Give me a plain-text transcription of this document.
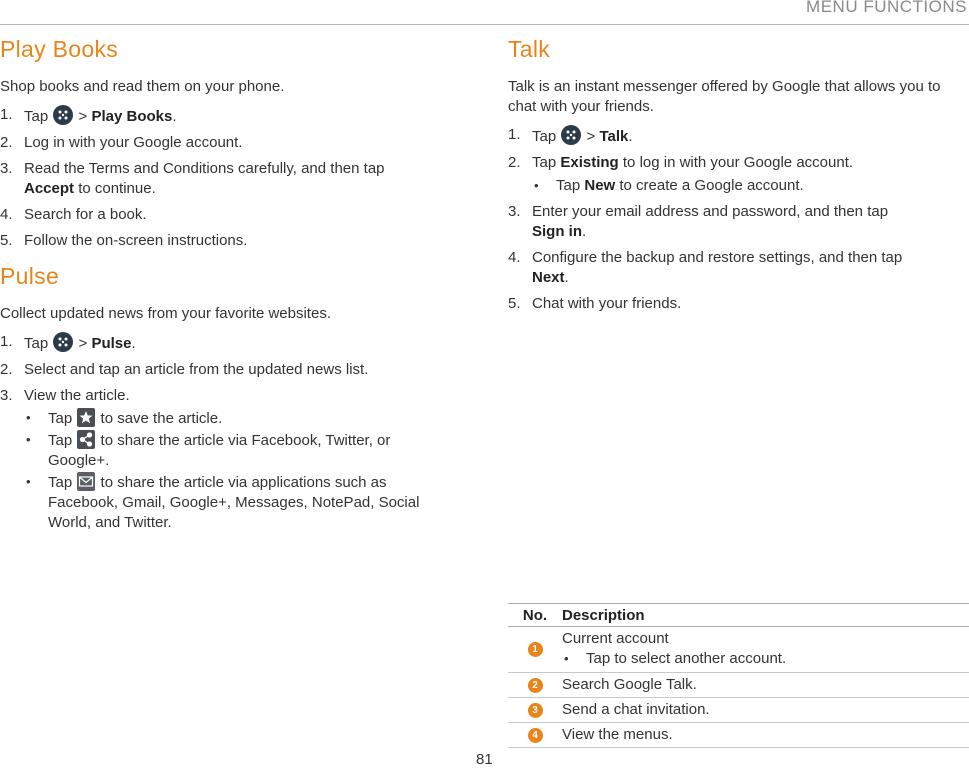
MENU FUNCTIONS
Play Books

Shop books and read them on your phone.

1. Tap > Play Books.
2. Log in with your Google account.
3. Read the Terms and Conditions carefully, and then tap
Accept to continue.
4. Search for a book.
5. Follow the on-screen instructions.
Pulse

Collect updated news from your favorite websites.

1. Tap > Pulse.
2. Select and tap an article from the updated news list.
3. View the article.
• Tap to save the article.
• Tap to share the article via Facebook, Twitter, or Google+.
• Tap to share the article via applications such as Facebook, Gmail, Google+, Messages, NotePad, Social World, and Twitter.
Talk

Talk is an instant messenger offered by Google that allows you to chat with your friends.

1. Tap > Talk.
2. Tap Existing to log in with your Google account.
• Tap New to create a Google account.
3. Enter your email address and password, and then tap
Sign in.
4. Configure the backup and restore settings, and then tap
Next.
5. Chat with your friends.
No.	Description
1	Current account
• Tap to select another account.

2	Search Google Talk.
3	Send a chat invitation.
4	View the menus.
81
